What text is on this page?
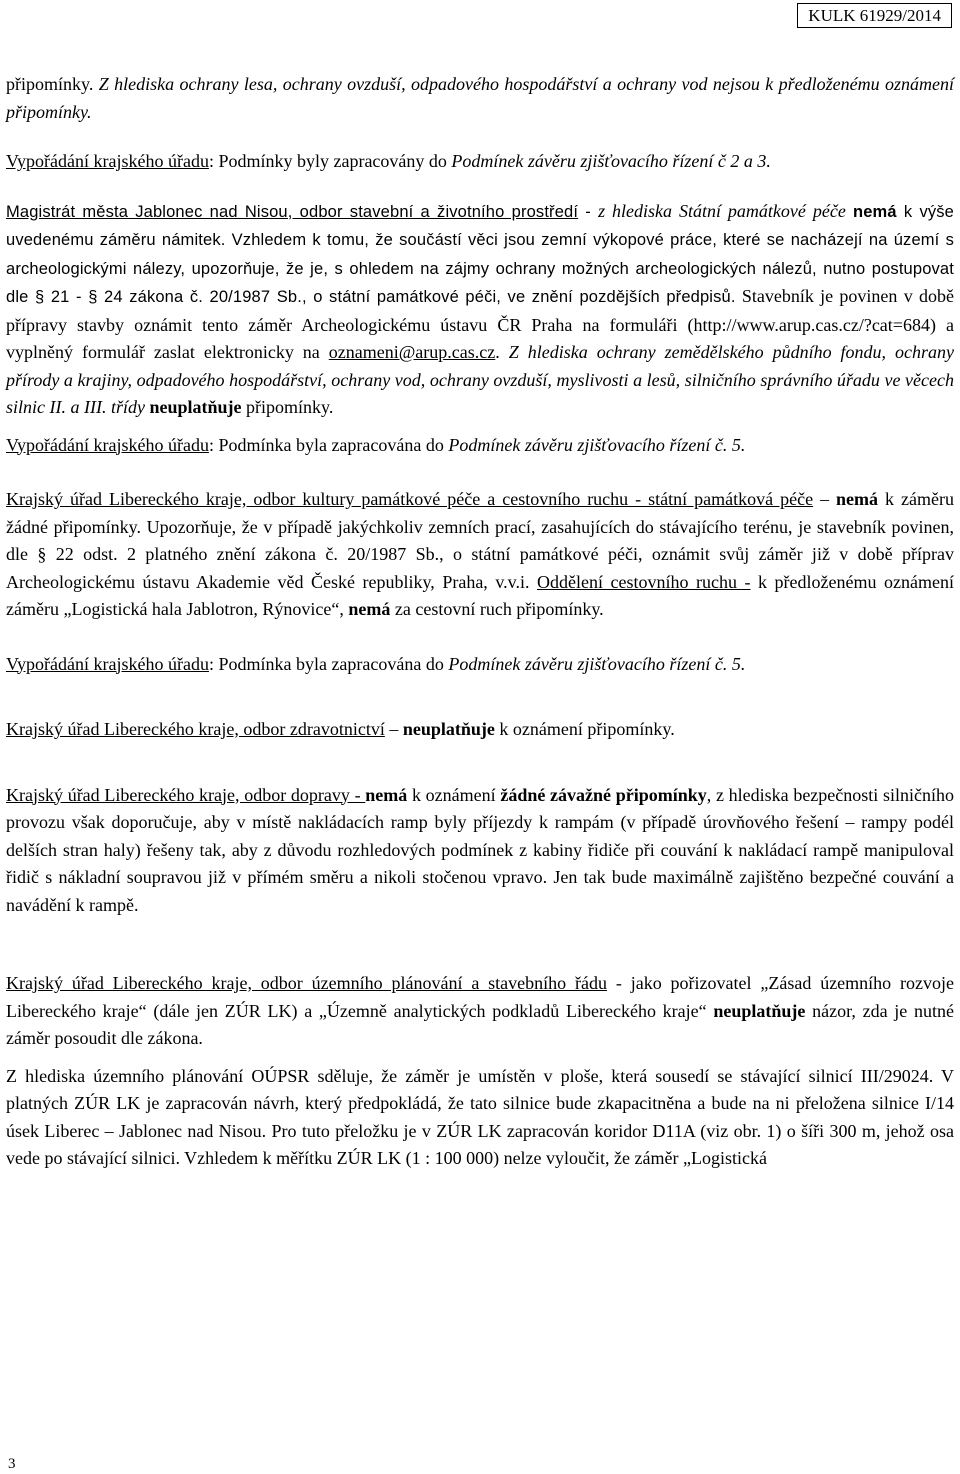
KULK 61929/2014

připomínky. Z hlediska ochrany lesa, ochrany ovzduší, odpadového hospodářství a ochrany vod nejsou k předloženému oznámení připomínky.

Vypořádání krajského úřadu: Podmínky byly zapracovány do Podmínek závěru zjišťovacího řízení č 2 a 3.

Magistrát města Jablonec nad Nisou, odbor stavební a životního prostředí - z hlediska Státní památkové péče nemá k výše uvedenému záměru námitek. Vzhledem k tomu, že součástí věci jsou zemní výkopové práce, které se nacházejí na území s archeologickými nálezy, upozorňuje, že je, s ohledem na zájmy ochrany možných archeologických nálezů, nutno postupovat dle § 21 - § 24 zákona č. 20/1987 Sb., o státní památkové péči, ve znění pozdějších předpisů. Stavebník je povinen v době přípravy stavby oznámit tento záměr Archeologickému ústavu ČR Praha na formuláři (http://www.arup.cas.cz/?cat=684) a vyplněný formulář zaslat elektronicky na oznameni@arup.cas.cz. Z hlediska ochrany zemědělského půdního fondu, ochrany přírody a krajiny, odpadového hospodářství, ochrany vod, ochrany ovzduší, myslivosti a lesů, silničního správního úřadu ve věcech silnic II. a III. třídy neuplatňuje připomínky.

Vypořádání krajského úřadu: Podmínka byla zapracována do Podmínek závěru zjišťovacího řízení č. 5.

Krajský úřad Libereckého kraje, odbor kultury památkové péče a cestovního ruchu - státní památková péče – nemá k záměru žádné připomínky. Upozorňuje, že v případě jakýchkoliv zemních prací, zasahujících do stávajícího terénu, je stavebník povinen, dle § 22 odst. 2 platného znění zákona č. 20/1987 Sb., o státní památkové péči, oznámit svůj záměr již v době příprav Archeologickému ústavu Akademie věd České republiky, Praha, v.v.i. Oddělení cestovního ruchu - k předloženému oznámení záměru „Logistická hala Jablotron, Rýnovice“, nemá za cestovní ruch připomínky.

Vypořádání krajského úřadu: Podmínka byla zapracována do Podmínek závěru zjišťovacího řízení č. 5.

Krajský úřad Libereckého kraje, odbor zdravotnictví – neuplatňuje k oznámení připomínky.

Krajský úřad Libereckého kraje, odbor dopravy - nemá k oznámení žádné závažné připomínky, z hlediska bezpečnosti silničního provozu však doporučuje, aby v místě nakládacích ramp byly příjezdy k rampám (v případě úrovňového řešení – rampy podél delších stran haly) řešeny tak, aby z důvodu rozhledových podmínek z kabiny řidiče při couvání k nakládací rampě manipuloval řidič s nákladní soupravou již v přímém směru a nikoli stočenou vpravo. Jen tak bude maximálně zajištěno bezpečné couvání a navádění k rampě.

Krajský úřad Libereckého kraje, odbor územního plánování a stavebního řádu - jako pořizovatel „Zásad územního rozvoje Libereckého kraje“ (dále jen ZÚR LK) a „Územně analytických podkladů Libereckého kraje“ neuplatňuje názor, zda je nutné záměr posoudit dle zákona.

Z hlediska územního plánování OÚPSR sděluje, že záměr je umístěn v ploše, která sousedí se stávající silnicí III/29024. V platných ZÚR LK je zapracován návrh, který předpokládá, že tato silnice bude zkapacitněna a bude na ni přeložena silnice I/14 úsek Liberec – Jablonec nad Nisou. Pro tuto přeložku je v ZÚR LK zapracován koridor D11A (viz obr. 1) o šíři 300 m, jehož osa vede po stávající silnici. Vzhledem k měřítku ZÚR LK (1 : 100 000) nelze vyloučit, že záměr „Logistická

3
